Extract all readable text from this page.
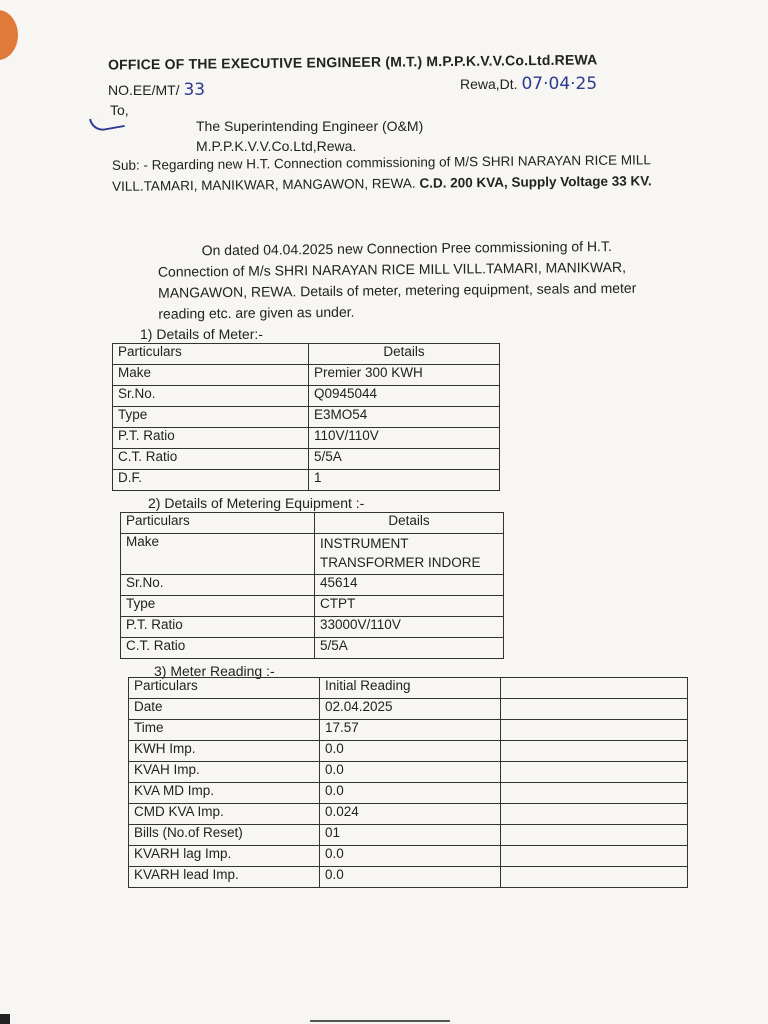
OFFICE OF THE EXECUTIVE ENGINEER (M.T.) M.P.P.K.V.V.Co.Ltd.REWA
NO.EE/MT/ 33	Rewa,Dt. 07·04·25
To,
The Superintending Engineer (O&M)
M.P.P.K.V.V.Co.Ltd,Rewa.
Sub: - Regarding new H.T. Connection commissioning of M/S SHRI NARAYAN RICE MILL VILL.TAMARI, MANIKWAR, MANGAWON, REWA. C.D. 200 KVA, Supply Voltage 33 KV.
On dated 04.04.2025 new Connection Pree commissioning of H.T.
Connection of M/s SHRI NARAYAN RICE MILL VILL.TAMARI, MANIKWAR, MANGAWON, REWA. Details of meter, metering equipment, seals and meter reading etc. are given as under.
1) Details of Meter:-
Particulars	Details
Make	Premier 300 KWH
Sr.No.	Q0945044
Type	E3MO54
P.T. Ratio	110V/110V
C.T. Ratio	5/5A
D.F.	1
2) Details of Metering Equipment :-
Particulars	Details
Make	INSTRUMENT TRANSFORMER INDORE
Sr.No.	45614
Type	CTPT
P.T. Ratio	33000V/110V
C.T. Ratio	5/5A
3) Meter Reading :-
Particulars	Initial Reading	
Date	02.04.2025	
Time	17.57	
KWH Imp.	0.0	
KVAH Imp.	0.0	
KVA MD Imp.	0.0	
CMD KVA Imp.	0.024	
Bills (No.of Reset)	01	
KVARH lag Imp.	0.0	
KVARH lead Imp.	0.0	
